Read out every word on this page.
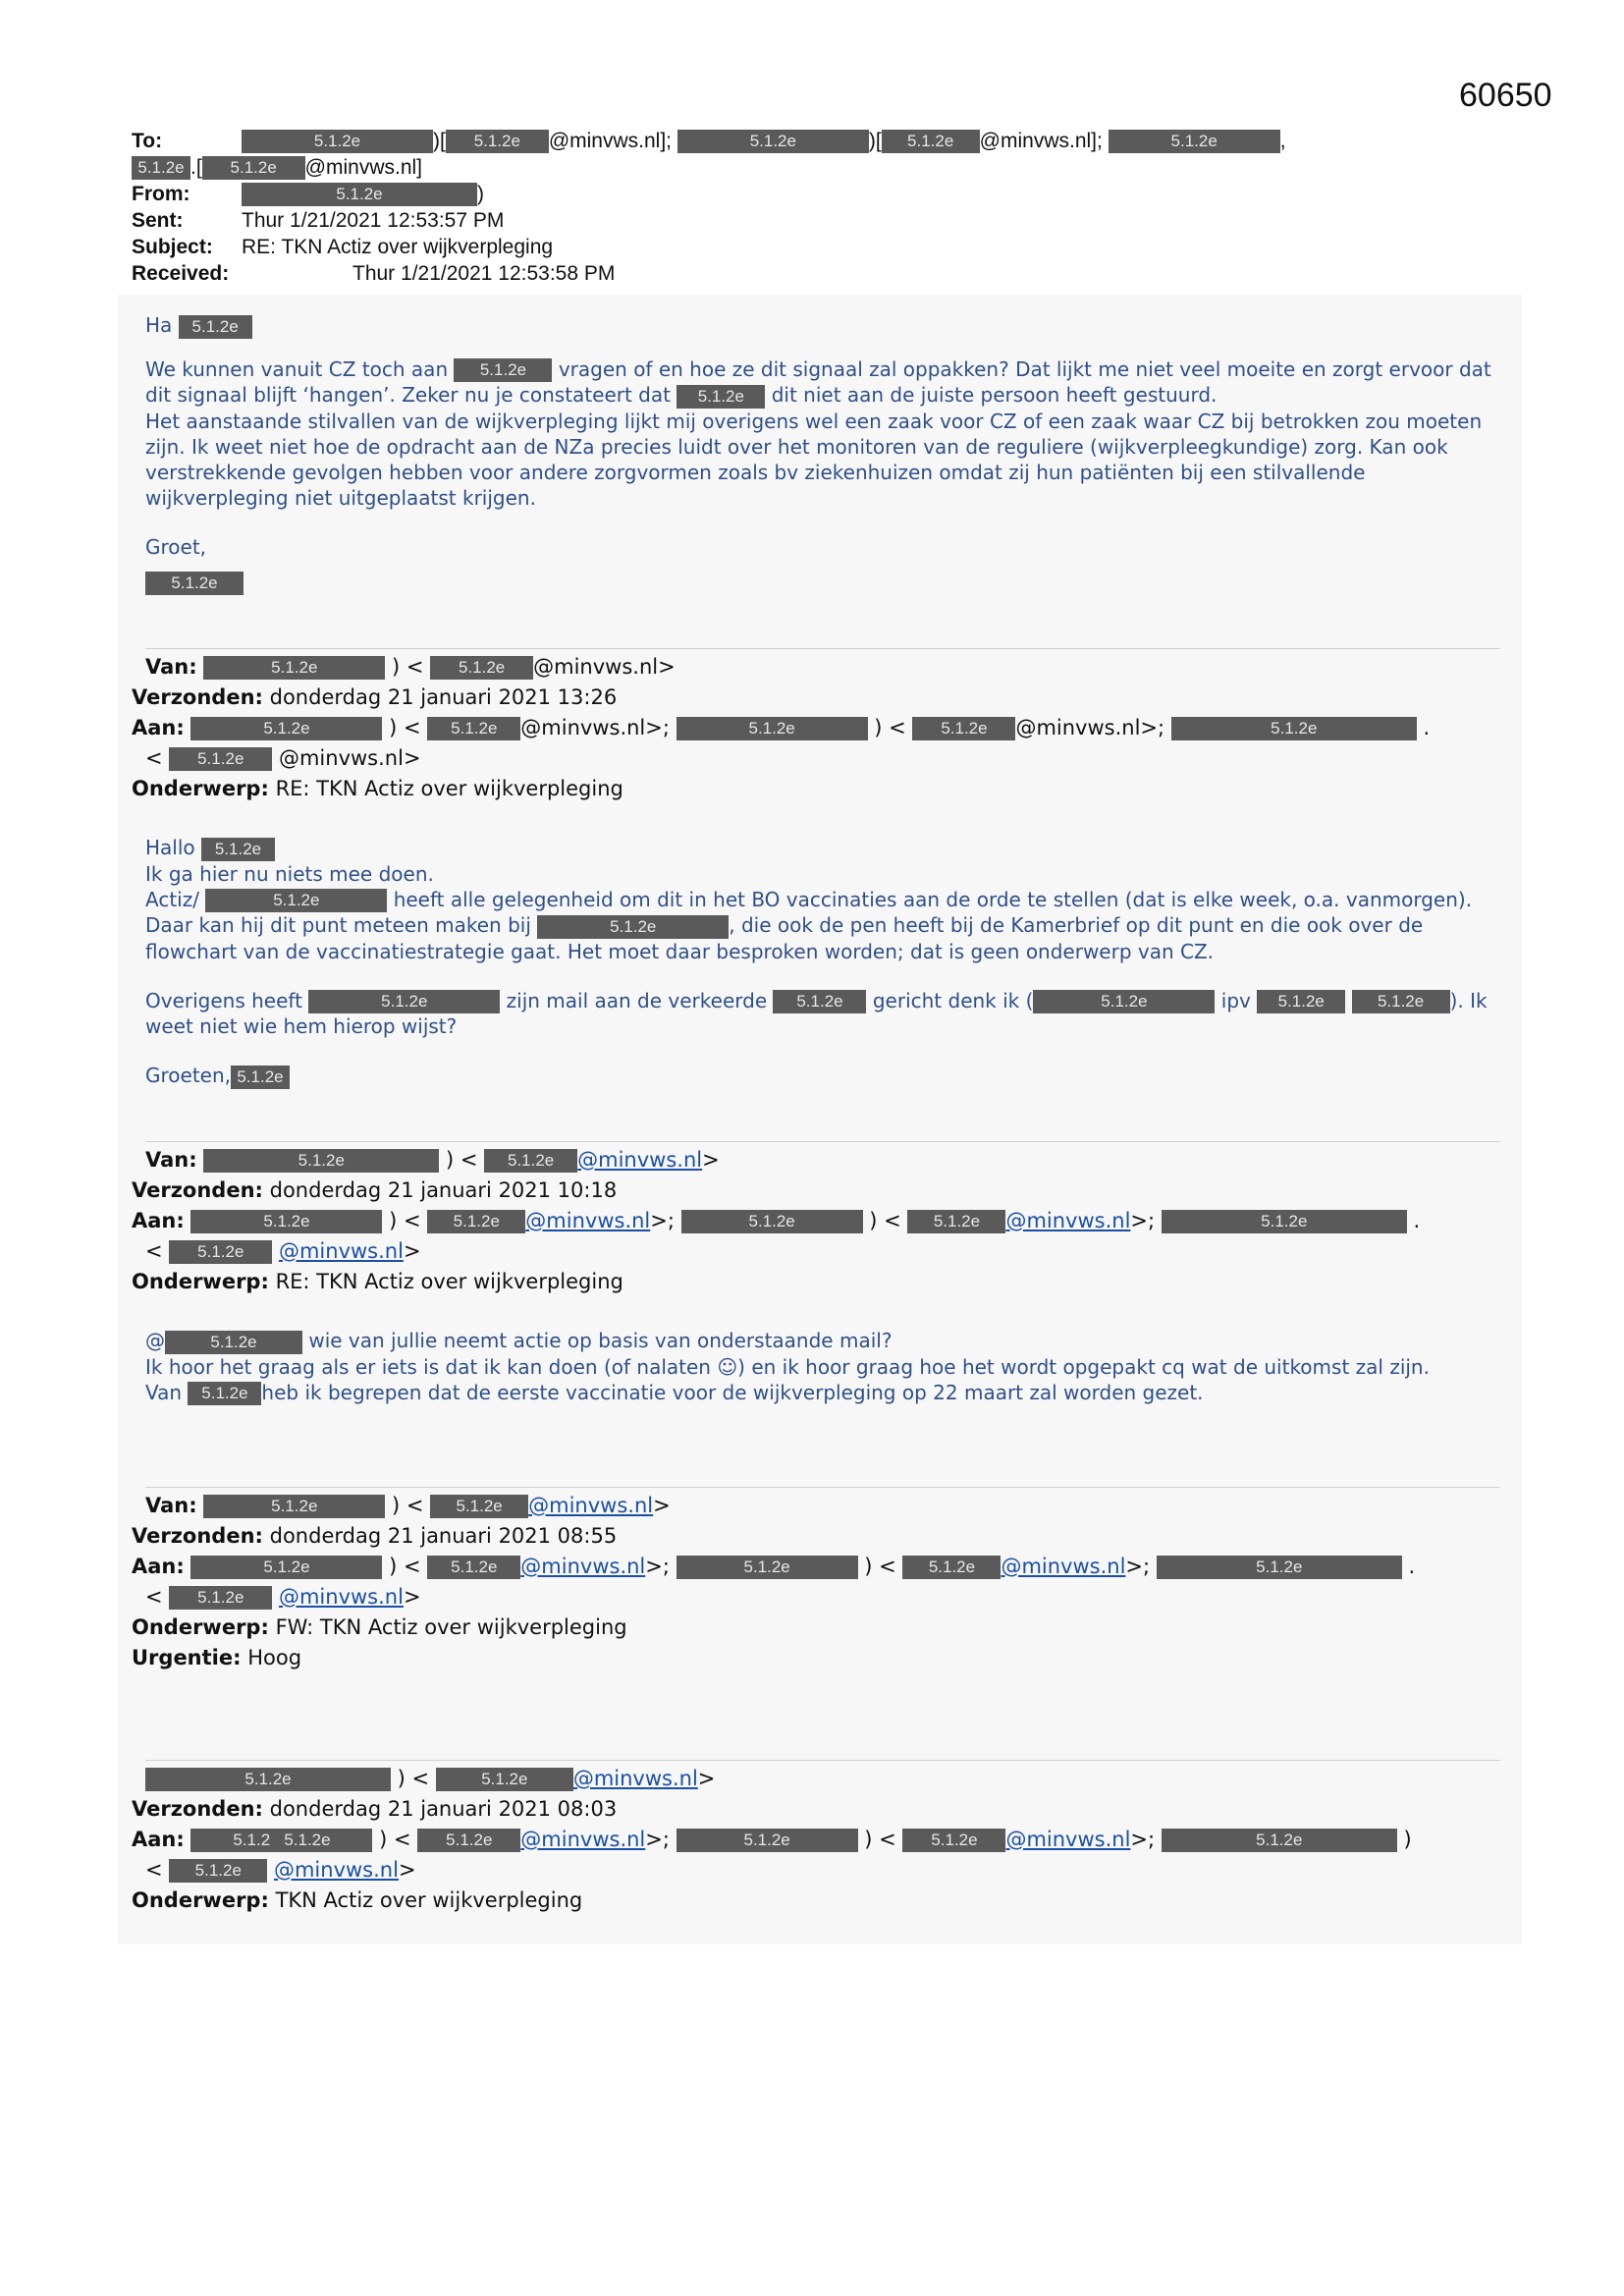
60650
To:	5.1.2e	)[ 5.1.2e @minvws.nl];	5.1.2e	)[ 5.1.2e @minvws.nl];	5.1.2e	,
5.1.2e .[ 5.1.2e @minvws.nl]
From:	5.1.2e	)
Sent:	Thur 1/21/2021 12:53:57 PM
Subject: RE: TKN Actiz over wijkverpleging
Received:	Thur 1/21/2021 12:53:58 PM

Ha 5.1.2e

We kunnen vanuit CZ toch aan 5.1.2e vragen of en hoe ze dit signaal zal oppakken? Dat lijkt me niet veel moeite en zorgt ervoor dat dit signaal blijft ‘hangen’. Zeker nu je constateert dat 5.1.2e dit niet aan de juiste persoon heeft gestuurd.

Het aanstaande stilvallen van de wijkverpleging lijkt mij overigens wel een zaak voor CZ of een zaak waar CZ bij betrokken zou moeten zijn. Ik weet niet hoe de opdracht aan de NZa precies luidt over het monitoren van de reguliere (wijkverpleegkundige) zorg. Kan ook verstrekkende gevolgen hebben voor andere zorgvormen zoals bv ziekenhuizen omdat zij hun patiënten bij een stilvallende wijkverpleging niet uitgeplaatst krijgen.

Groet,

5.1.2e

Van:	5.1.2e	) < 5.1.2e @minvws.nl>
Verzonden: donderdag 21 januari 2021 13:26
Aan:	5.1.2e	) < 5.1.2e @minvws.nl>;	5.1.2e	) < 5.1.2e @minvws.nl>;	5.1.2e	.
< 5.1.2e @minvws.nl>
Onderwerp: RE: TKN Actiz over wijkverpleging

Hallo 5.1.2e

Ik ga hier nu niets mee doen.

Actiz/	5.1.2e	heeft alle gelegenheid om dit in het BO vaccinaties aan de orde te stellen (dat is elke week, o.a. vanmorgen). Daar kan hij dit punt meteen maken bij	5.1.2e	, die ook de pen heeft bij de Kamerbrief op dit punt en die ook over de flowchart van de vaccinatiestrategie gaat. Het moet daar besproken worden; dat is geen onderwerp van CZ.

Overigens heeft	5.1.2e	zijn mail aan de verkeerde 5.1.2e gericht denk ik (	5.1.2e	ipv 5.1.2e	5.1.2e ). Ik weet niet wie hem hierop wijst?

Groeten, 5.1.2e

Van:	5.1.2e	) < 5.1.2e @minvws.nl>
Verzonden: donderdag 21 januari 2021 10:18
Aan:	5.1.2e	) < 5.1.2e @minvws.nl>;	5.1.2e	) < 5.1.2e @minvws.nl>;	5.1.2e	.
< 5.1.2e @minvws.nl>
Onderwerp: RE: TKN Actiz over wijkverpleging

@	5.1.2e	wie van jullie neemt actie op basis van onderstaande mail?

Ik hoor het graag als er iets is dat ik kan doen (of nalaten ☺) en ik hoor graag hoe het wordt opgepakt cq wat de uitkomst zal zijn.

Van 5.1.2e heb ik begrepen dat de eerste vaccinatie voor de wijkverpleging op 22 maart zal worden gezet.

Van:	5.1.2e	) < 5.1.2e @minvws.nl>
Verzonden: donderdag 21 januari 2021 08:55
Aan:	5.1.2e	) < 5.1.2e @minvws.nl>;	5.1.2e	) < 5.1.2e @minvws.nl>;	5.1.2e	.
< 5.1.2e @minvws.nl>
Onderwerp: FW: TKN Actiz over wijkverpleging
Urgentie: Hoog
5.1.2e	) <	5.1.2e @minvws.nl>
Verzonden: donderdag 21 januari 2021 08:03
Aan:	5.1.2 5.1.2e ) < 5.1.2e @minvws.nl>;	5.1.2e	) < 5.1.2e @minvws.nl>;	5.1.2e	)
< 5.1.2e @minvws.nl>
Onderwerp: TKN Actiz over wijkverpleging
